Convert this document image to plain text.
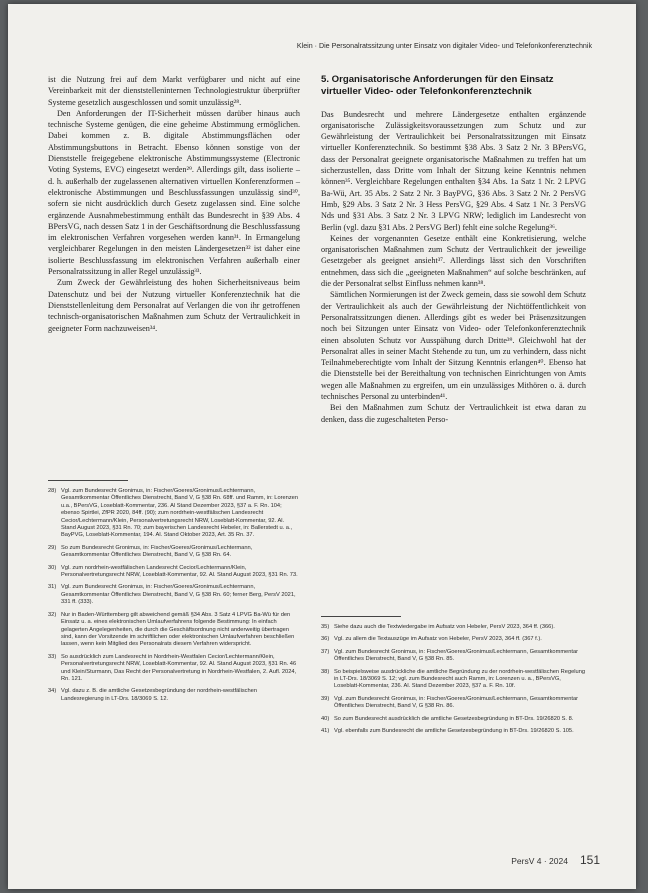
Klein · Die Personalratssitzung unter Einsatz von digitaler Video- und Telefonkonferenztechnik

ist die Nutzung frei auf dem Markt verfügbarer und nicht auf eine Vereinbarkeit mit der dienststelleninternen Technologiestruktur überprüfter Systeme gesetzlich ausgeschlossen und somit unzulässig²⁸.

Den Anforderungen der IT-Sicherheit müssen darüber hinaus auch technische Systeme genügen, die eine geheime Abstimmung ermöglichen. Dabei kommen z. B. digitale Abstimmungsflächen oder Abstimmungsbuttons in Betracht. Ebenso können sonstige von der Dienststelle freigegebene elektronische Abstimmungssysteme (Electronic Voting Systems, EVC) eingesetzt werden²⁹. Allerdings gilt, dass isolierte – d. h. außerhalb der zugelassenen alternativen virtuellen Konferenzformen – elektronische Abstimmungen und Beschlussfassungen unzulässig sind³⁰, sofern sie nicht ausdrücklich durch Gesetz zugelassen sind. Eine solche ergänzende Ausnahmebestimmung enthält das Bundesrecht in §39 Abs. 4 BPersVG, nach dessen Satz 1 in der Geschäftsordnung die Beschlussfassung im elektronischen Verfahren vorgesehen werden kann³¹. In Ermangelung vergleichbarer Regelungen in den meisten Ländergesetzen³² ist daher eine isolierte Beschlussfassung im elektronischen Verfahren außerhalb einer Personalratssitzung in aller Regel unzulässig³³.

Zum Zweck der Gewährleistung des hohen Sicherheitsniveaus beim Datenschutz und bei der Nutzung virtueller Konferenztechnik hat die Dienststellenleitung dem Personalrat auf Verlangen die von ihr getroffenen technisch-organisatorischen Maßnahmen zum Schutz der Vertraulichkeit in geeigneter Form nachzuweisen³⁴.

28) Vgl. zum Bundesrecht Gronimus, in: Fischer/Goeres/Gronimus/Lechtermann, Gesamtkommentar Öffentliches Dienstrecht, Band V, G §38 Rn. 68ff. und Ramm, in: Lorenzen u.a., BPersVG, Loseblatt-Kommentar, 236. Al Stand Dezember 2023, §37 a. F. Rn. 104; ebenso Spirtlei, ZfPR 2020, 84ff. (90); zum nordrhein-westfälischen Landesrecht Cecior/Lechtermann/Klein, Personalvertretungsrecht NRW, Loseblatt-Kommentar, 92. Al. Stand August 2023, §31 Rn. 70; zum bayerischen Landesrecht Hebeler, in: Ballerstedt u. a., BayPVG, Loseblatt-Kommentar, 194. Al. Stand Oktober 2023, Art. 35 Rn. 37.
29) So zum Bundesrecht Gronimus, in: Fischer/Goeres/Gronimus/Lechtermann, Gesamtkommentar Öffentliches Dienstrecht, Band V, G §38 Rn. 64.
30) Vgl. zum nordrhein-westfälischen Landesrecht Cecior/Lechtermann/Klein, Personalvertretungsrecht NRW, Loseblatt-Kommentar, 92. Al. Stand August 2023, §31 Rn. 73.
31) Vgl. zum Bundesrecht Gronimus, in: Fischer/Goeres/Gronimus/Lechtermann, Gesamtkommentar Öffentliches Dienstrecht, Band V, G §38 Rn. 60; ferner Berg, PersV 2021, 331 ff. (333).
32) Nur in Baden-Württemberg gilt abweichend gemäß §34 Abs. 3 Satz 4 LPVG Ba-Wü für den Einsatz u. a. eines elektronischen Umlaufverfahrens folgende Bestimmung: In einfach gelagerten Angelegenheiten, die durch die Geschäftsordnung nicht anderweitig übertragen sind, kann der Vorsitzende im schriftlichen oder elektronischen Umlaufverfahren beschließen lassen, wenn kein Mitglied des Personalrats diesem Verfahren widerspricht.
33) So ausdrücklich zum Landesrecht in Nordrhein-Westfalen Cecior/Lechtermann/Klein, Personalvertretungsrecht NRW, Loseblatt-Kommentar, 92. Al. Stand August 2023, §31 Rn. 46 und Klein/Sturmann, Das Recht der Personalvertretung in Nordrhein-Westfalen, 2. Aufl. 2024, Rn. 121.
34) Vgl. dazu z. B. die amtliche Gesetzesbegründung der nordrhein-westfälischen Landesregierung in LT-Drs. 18/3069 S. 12.
5. Organisatorische Anforderungen für den Einsatz virtueller Video- oder Telefonkonferenztechnik

Das Bundesrecht und mehrere Ländergesetze enthalten ergänzende organisatorische Zulässigkeitsvoraussetzungen zum Schutz und zur Gewährleistung der Vertraulichkeit bei Personalratssitzungen mit Einsatz virtueller Konferenztechnik. So bestimmt §38 Abs. 3 Satz 2 Nr. 3 BPersVG, dass der Personalrat geeignete organisatorische Maßnahmen zu treffen hat um sicherzustellen, dass Dritte vom Inhalt der Sitzung keine Kenntnis nehmen können³⁵. Vergleichbare Regelungen enthalten §34 Abs. 1a Satz 1 Nr. 2 LPVG Ba-Wü, Art. 35 Abs. 2 Satz 2 Nr. 3 BayPVG, §36 Abs. 3 Satz 2 Nr. 2 PersVG Hmb, §29 Abs. 3 Satz 2 Nr. 3 Hess PersVG, §29 Abs. 4 Satz 1 Nr. 3 PersVG Nds und §31 Abs. 3 Satz 2 Nr. 3 LPVG NRW; lediglich im Landesrecht von Berlin (vgl. dazu §31 Abs. 2 PersVG Berl) fehlt eine solche Regelung³⁶.

Keines der vorgenannten Gesetze enthält eine Konkretisierung, welche organisatorischen Maßnahmen zum Schutz der Vertraulichkeit der jeweilige Gesetzgeber als geeignet ansieht³⁷. Allerdings lässt sich den Vorschriften entnehmen, dass sich die „geeigneten Maßnahmen“ auf solche beschränken, auf die der Personalrat selbst Einfluss nehmen kann³⁸.

Sämtlichen Normierungen ist der Zweck gemein, dass sie sowohl dem Schutz der Vertraulichkeit als auch der Gewährleistung der Nichtöffentlichkeit von Personalratssitzungen dienen. Allerdings gibt es weder bei Präsenzsitzungen noch bei Sitzungen unter Einsatz von Video- oder Telefonkonferenztechnik einen absoluten Schutz vor Ausspähung durch Dritte³⁹. Gleichwohl hat der Personalrat alles in seiner Macht Stehende zu tun, um zu verhindern, dass nicht Teilnahmeberechtigte vom Inhalt der Sitzung Kenntnis erlangen⁴⁰. Ebenso hat die Dienststelle bei der Bereithaltung von technischen Einrichtungen von Amts wegen alle Maßnahmen zu ergreifen, um ein unzulässiges Mithören o. ä. durch technisches Personal zu unterbinden⁴¹.

Bei den Maßnahmen zum Schutz der Vertraulichkeit ist etwa daran zu denken, dass die zugeschalteten Perso-

35) Siehe dazu auch die Textwiedergabe im Aufsatz von Hebeler, PersV 2023, 364 ff. (366).
36) Vgl. zu allem die Textauszüge im Aufsatz von Hebeler, PersV 2023, 364 ff. (367 f.).
37) Vgl. zum Bundesrecht Gronimus, in: Fischer/Goeres/Gronimus/Lechtermann, Gesamtkommentar Öffentliches Dienstrecht, Band V, G §38 Rn. 85.
38) So beispielsweise ausdrückliche die amtliche Begründung zu der nordrhein-westfälischen Regelung in LT-Drs. 18/3069 S. 12; vgl. zum Bundesrecht auch Ramm, in: Lorenzen u. a., BPersVG, Loseblatt-Kommentar, 236. Al. Stand Dezember 2023, §37 a. F. Rn. 10f.
39) Vgl. zum Bundesrecht Gronimus, in: Fischer/Goeres/Gronimus/Lechtermann, Gesamtkommentar Öffentliches Dienstrecht, Band V, G §38 Rn. 86.
40) So zum Bundesrecht ausdrücklich die amtliche Gesetzesbegründung in BT-Drs. 19/26820 S. 8.
41) Vgl. ebenfalls zum Bundesrecht die amtliche Gesetzesbegründung in BT-Drs. 19/26820 S. 105.
PersV 4 · 2024 151
